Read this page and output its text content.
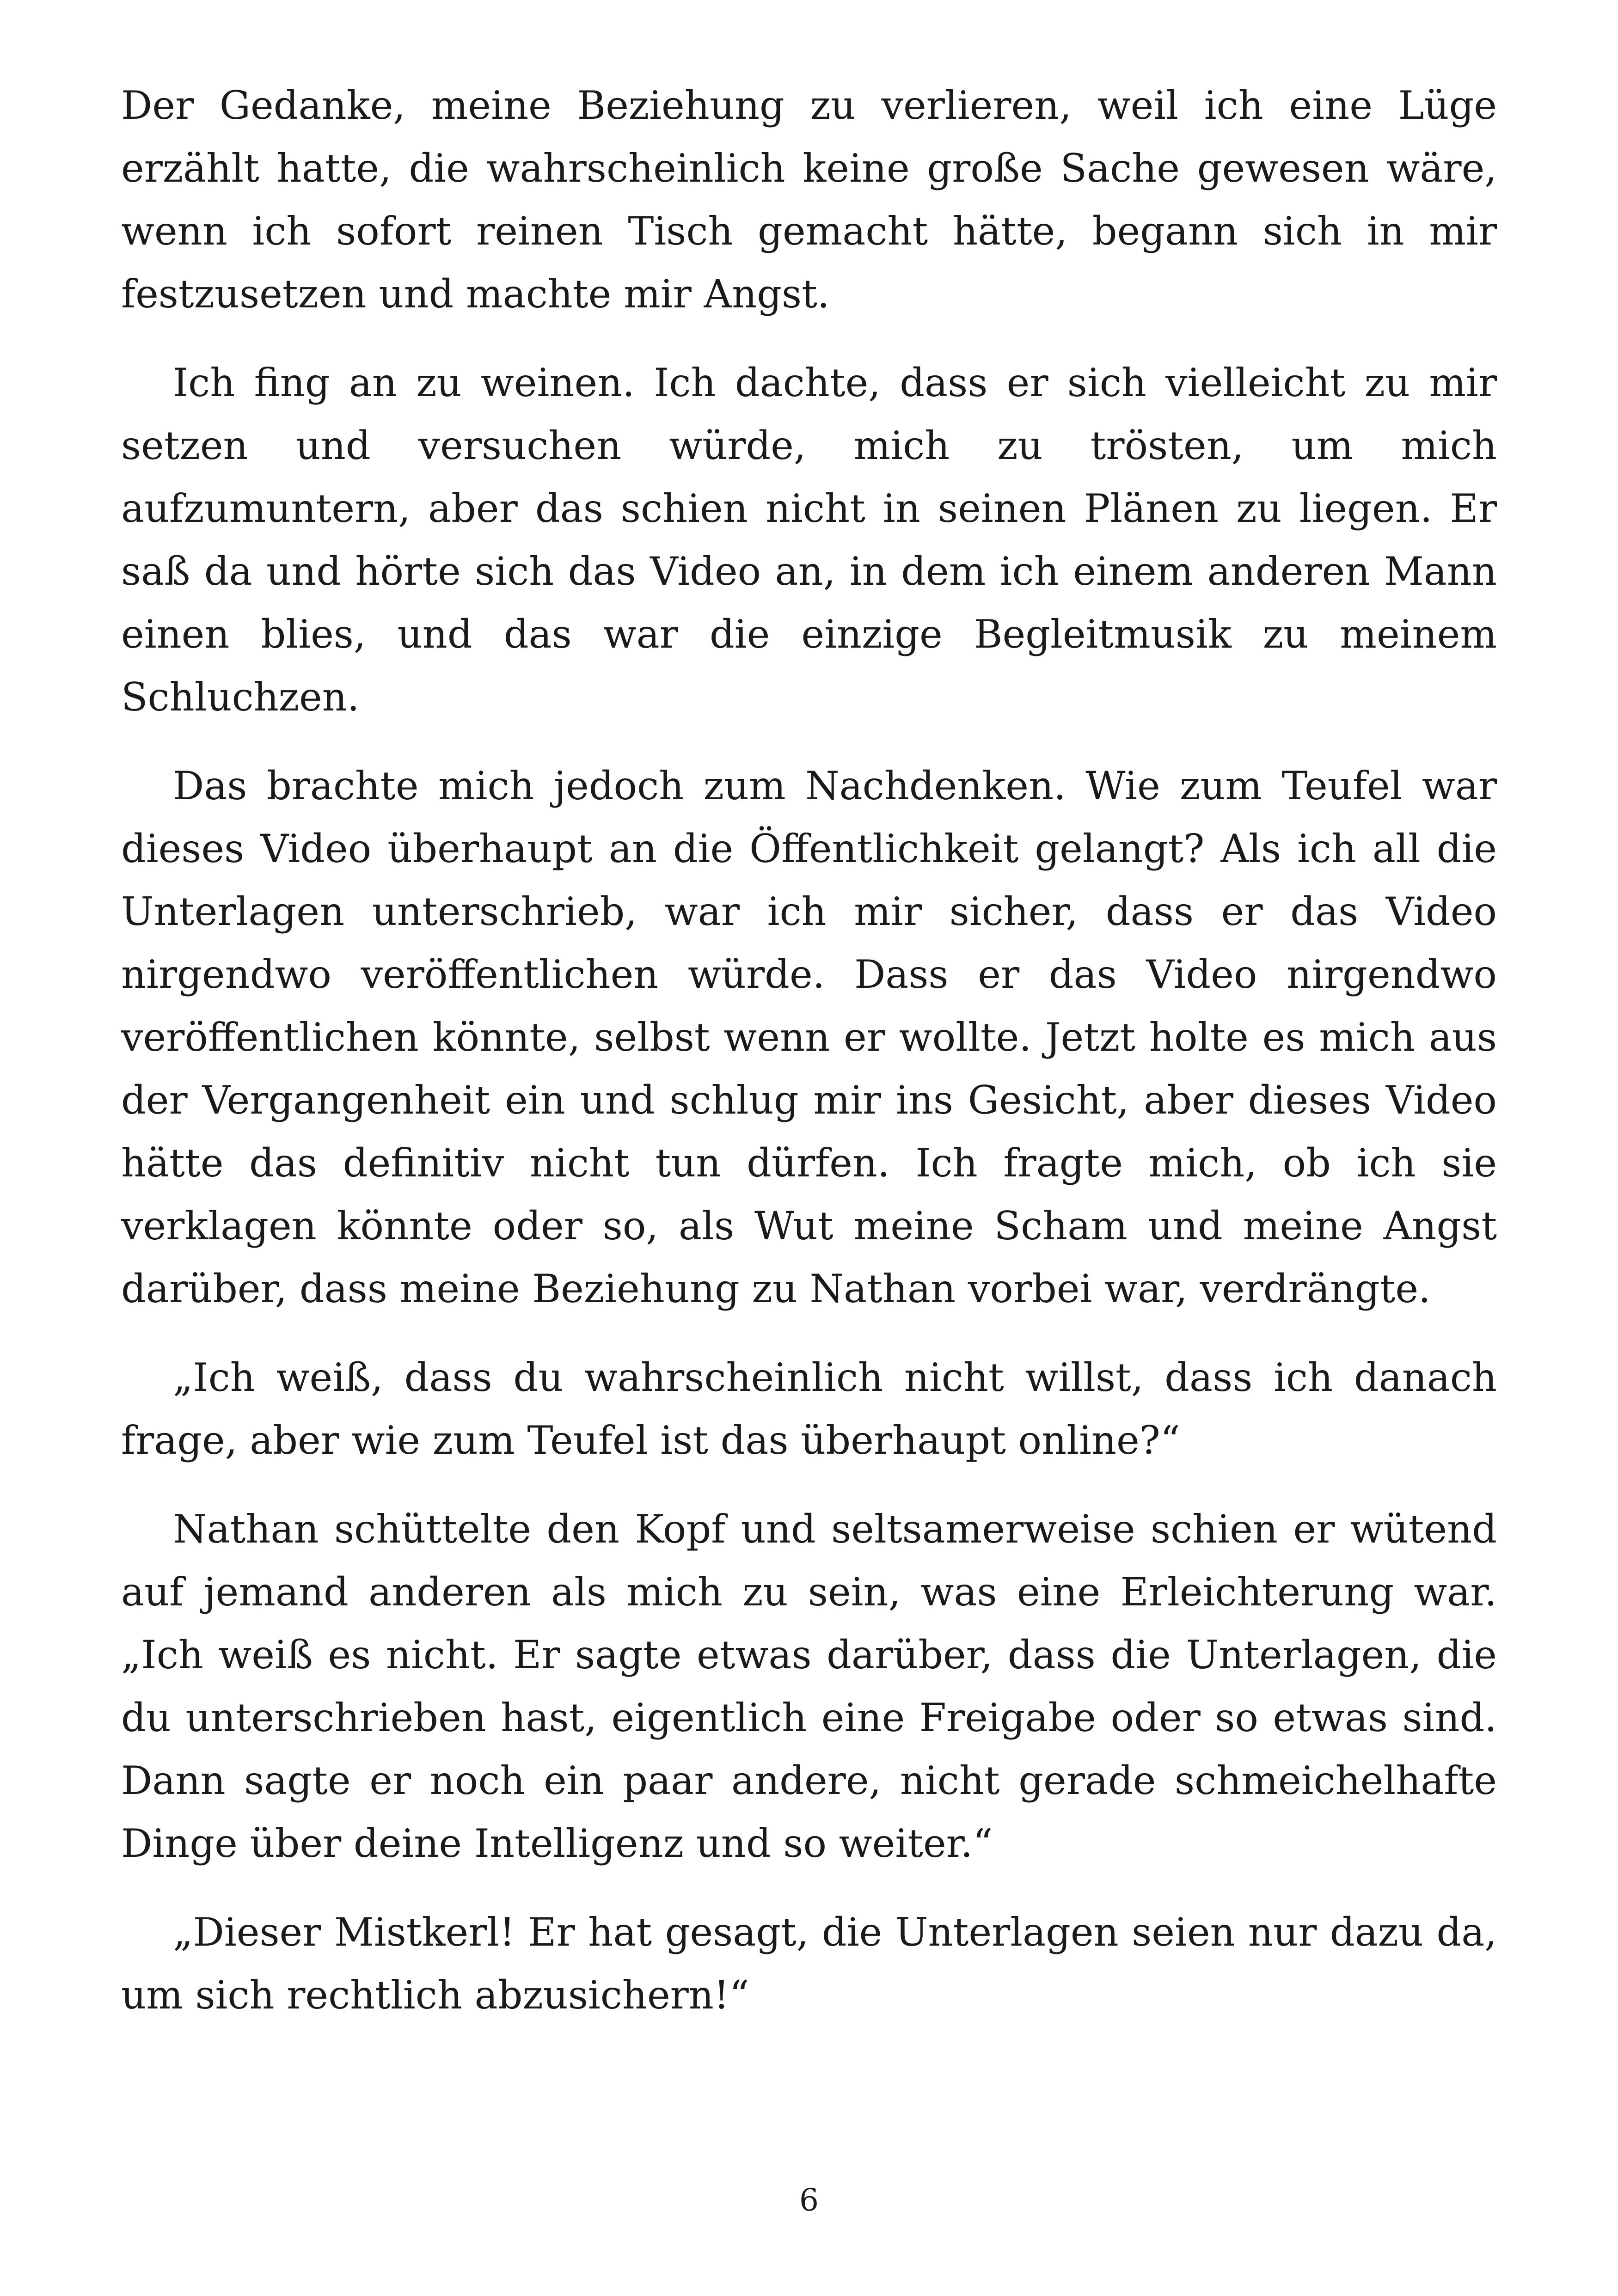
Der Gedanke, meine Beziehung zu verlieren, weil ich eine Lüge erzählt hatte, die wahrscheinlich keine große Sache gewesen wäre, wenn ich sofort reinen Tisch gemacht hätte, begann sich in mir festzusetzen und machte mir Angst.

Ich fing an zu weinen. Ich dachte, dass er sich vielleicht zu mir setzen und versuchen würde, mich zu trösten, um mich aufzumuntern, aber das schien nicht in seinen Plänen zu liegen. Er saß da und hörte sich das Video an, in dem ich einem anderen Mann einen blies, und das war die einzige Begleitmusik zu meinem Schluchzen.

Das brachte mich jedoch zum Nachdenken. Wie zum Teufel war dieses Video überhaupt an die Öffentlichkeit gelangt? Als ich all die Unterlagen unterschrieb, war ich mir sicher, dass er das Video nirgendwo veröffentlichen würde. Dass er das Video nirgendwo veröffentlichen könnte, selbst wenn er wollte. Jetzt holte es mich aus der Vergangenheit ein und schlug mir ins Gesicht, aber dieses Video hätte das definitiv nicht tun dürfen. Ich fragte mich, ob ich sie verklagen könnte oder so, als Wut meine Scham und meine Angst darüber, dass meine Beziehung zu Nathan vorbei war, verdrängte.

„Ich weiß, dass du wahrscheinlich nicht willst, dass ich danach frage, aber wie zum Teufel ist das überhaupt online?“

Nathan schüttelte den Kopf und seltsamerweise schien er wütend auf jemand anderen als mich zu sein, was eine Erleichterung war. „Ich weiß es nicht. Er sagte etwas darüber, dass die Unterlagen, die du unterschrieben hast, eigentlich eine Freigabe oder so etwas sind. Dann sagte er noch ein paar andere, nicht gerade schmeichelhafte Dinge über deine Intelligenz und so weiter.“

„Dieser Mistkerl! Er hat gesagt, die Unterlagen seien nur dazu da, um sich rechtlich abzusichern!“

6
